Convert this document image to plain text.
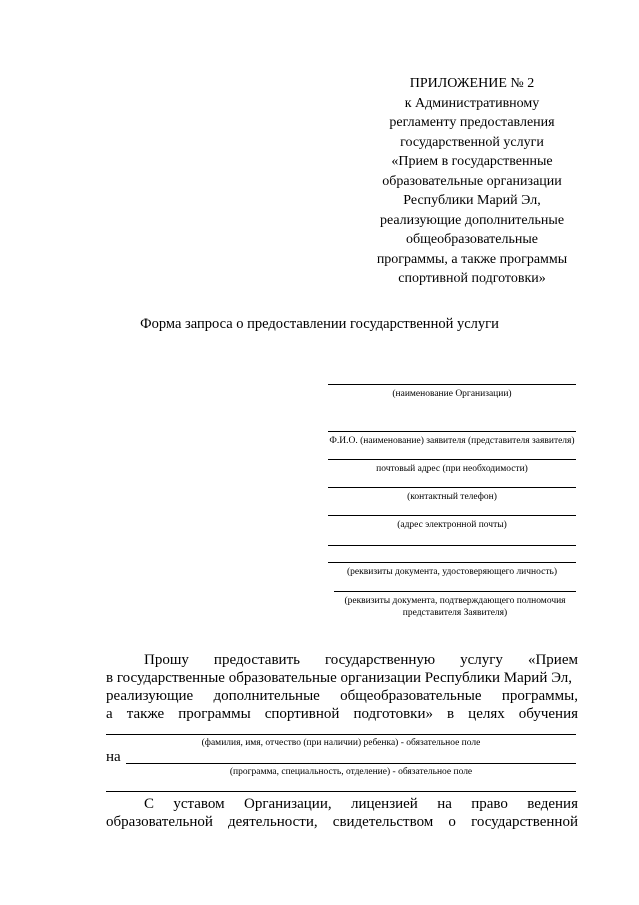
ПРИЛОЖЕНИЕ № 2
к Административному
регламенту предоставления
государственной услуги
«Прием в государственные
образовательные организации
Республики Марий Эл,
реализующие дополнительные
общеобразовательные
программы, а также программы
спортивной подготовки»
Форма запроса о предоставлении государственной услуги
(наименование Организации)
Ф.И.О. (наименование) заявителя (представителя заявителя)
почтовый адрес (при необходимости)
(контактный телефон)
(адрес электронной почты)
(реквизиты документа, удостоверяющего личность)
(реквизиты документа, подтверждающего полномочия представителя Заявителя)
Прошу предоставить государственную услугу «Прием
в государственные образовательные организации Республики Марий Эл,
реализующие дополнительные общеобразовательные программы,
а также программы спортивной подготовки» в целях обучения
(фамилия, имя, отчество (при наличии) ребенка) - обязательное поле
на
(программа, специальность, отделение) - обязательное поле
С уставом Организации, лицензией на право ведения
образовательной деятельности, свидетельством о государственной
